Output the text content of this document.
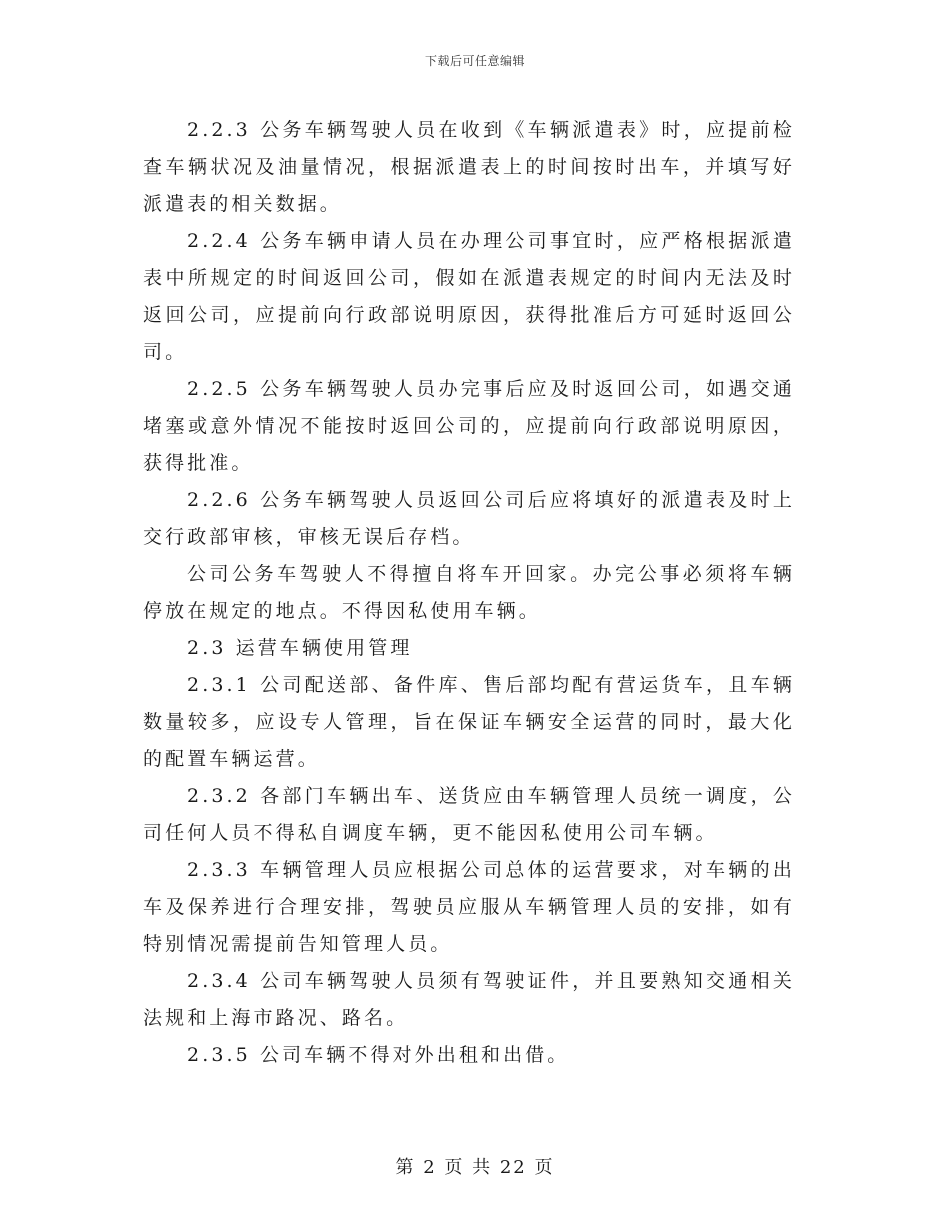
下载后可任意编辑

2.2.3 公务车辆驾驶人员在收到《车辆派遣表》时，应提前检查车辆状况及油量情况，根据派遣表上的时间按时出车，并填写好派遣表的相关数据。

2.2.4 公务车辆申请人员在办理公司事宜时，应严格根据派遣表中所规定的时间返回公司，假如在派遣表规定的时间内无法及时返回公司，应提前向行政部说明原因，获得批准后方可延时返回公司。

2.2.5 公务车辆驾驶人员办完事后应及时返回公司，如遇交通堵塞或意外情况不能按时返回公司的，应提前向行政部说明原因，获得批准。

2.2.6 公务车辆驾驶人员返回公司后应将填好的派遣表及时上交行政部审核，审核无误后存档。

公司公务车驾驶人不得擅自将车开回家。办完公事必须将车辆停放在规定的地点。不得因私使用车辆。

2.3 运营车辆使用管理

2.3.1 公司配送部、备件库、售后部均配有营运货车，且车辆数量较多，应设专人管理，旨在保证车辆安全运营的同时，最大化的配置车辆运营。

2.3.2 各部门车辆出车、送货应由车辆管理人员统一调度，公司任何人员不得私自调度车辆，更不能因私使用公司车辆。

2.3.3 车辆管理人员应根据公司总体的运营要求，对车辆的出车及保养进行合理安排，驾驶员应服从车辆管理人员的安排，如有特别情况需提前告知管理人员。

2.3.4 公司车辆驾驶人员须有驾驶证件，并且要熟知交通相关法规和上海市路况、路名。

2.3.5 公司车辆不得对外出租和出借。

第 2 页 共 22 页
